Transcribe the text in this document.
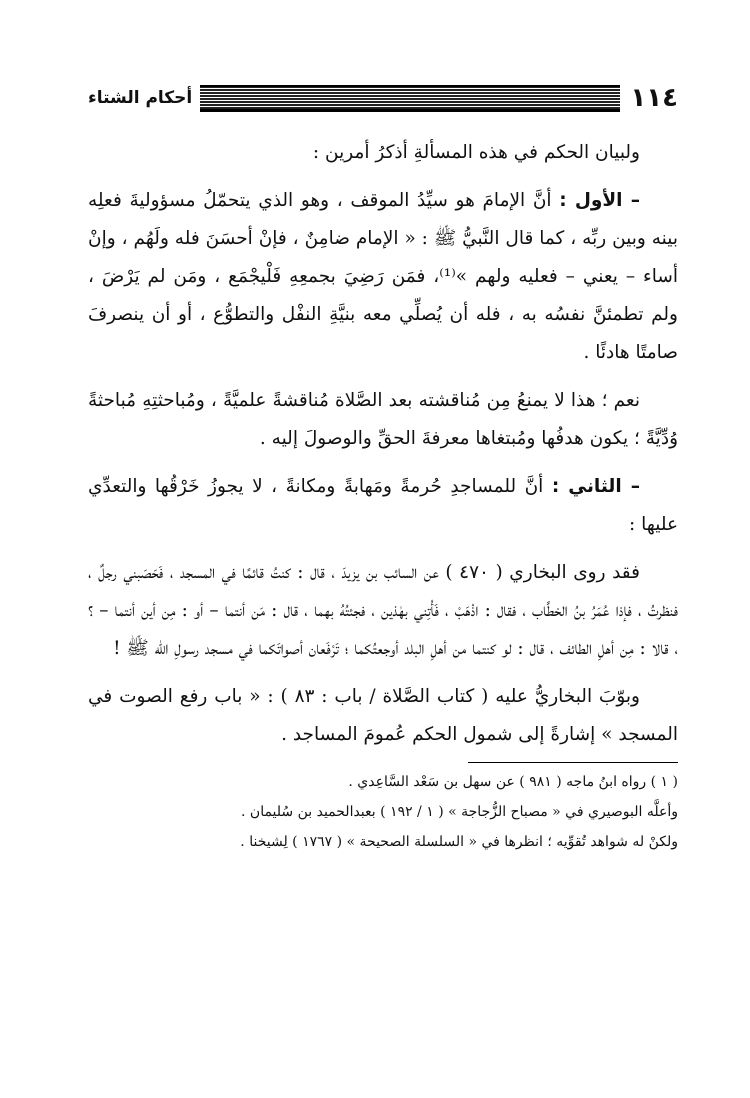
١١٤
أحكام الشتاء

ولبيان الحكم في هذه المسألةِ أذكرُ أمرين :

– الأول : أنَّ الإمامَ هو سيِّدُ الموقف ، وهو الذي يتحمّلُ مسؤوليةَ فعلِه بينه وبين ربِّه ، كما قال النَّبيُّ ﷺ : « الإمام ضامِنٌ ، فإنْ أحسَنَ فله ولَهُم ، وإنْ أساء – يعني – فعليه ولهم »⁽¹⁾، فمَن رَضِيَ بجمعِهِ فَلْيجْمَع ، ومَن لم يَرْضَ ، ولم تطمئنَّ نفسُه به ، فله أن يُصلِّي معه بنيَّةِ النفْل والتطوُّع ، أو أن ينصرفَ صامتًا هادئًا .

نعم ؛ هذا لا يمنعُ مِن مُناقشته بعد الصَّلاة مُناقشةً علميَّةً ، ومُباحثتِهِ مُباحثةً وُدِّيَّةً ؛ يكون هدفُها ومُبتغاها معرفةَ الحقِّ والوصولَ إليه .

– الثاني : أنَّ للمساجدِ حُرمةً ومَهابةً ومكانةً ، لا يجوزُ خَرْقُها والتعدِّي عليها :

فقد روى البخاري ( ٤٧٠ ) عن السائب بن يزيدَ ، قال : كنتُ قائمًا في المسجد ، فَحَصَبني رجلٌ ، فنظرتُ ، فإذا عُمَرُ بنُ الخطَّاب ، فقال : اذْهَبْ ، فَأْتِني بهٰذين ، فجئتُهُ بهما ، قال : مَن أنتما – أو : مِن أين أنتما – ؟ ، قالا : مِن أهلِ الطائف ، قال : لو كنتما من أهلِ البلد أوجعتُكما ؛ تَرْفَعان أصواتَكما في مسجد رسولِ اللّٰه ﷺ !

وبوّبَ البخاريُّ عليه ( كتاب الصَّلاة / باب : ٨٣ ) : « باب رفع الصوت في المسجد » إشارةً إلى شمول الحكم عُمومَ المساجد .

( ١ ) رواه ابنُ ماجه ( ٩٨١ ) عن سهل بن سَعْد السَّاعِدي .

وأعلَّه البوصيري في « مصباح الزُّجاجة » ( ١ / ١٩٢ ) بعبدالحميد بن سُليمان .

ولكنْ له شواهد تُقوِّيه ؛ انظرها في « السلسلة الصحيحة » ( ١٧٦٧ ) لِشيخنا .
